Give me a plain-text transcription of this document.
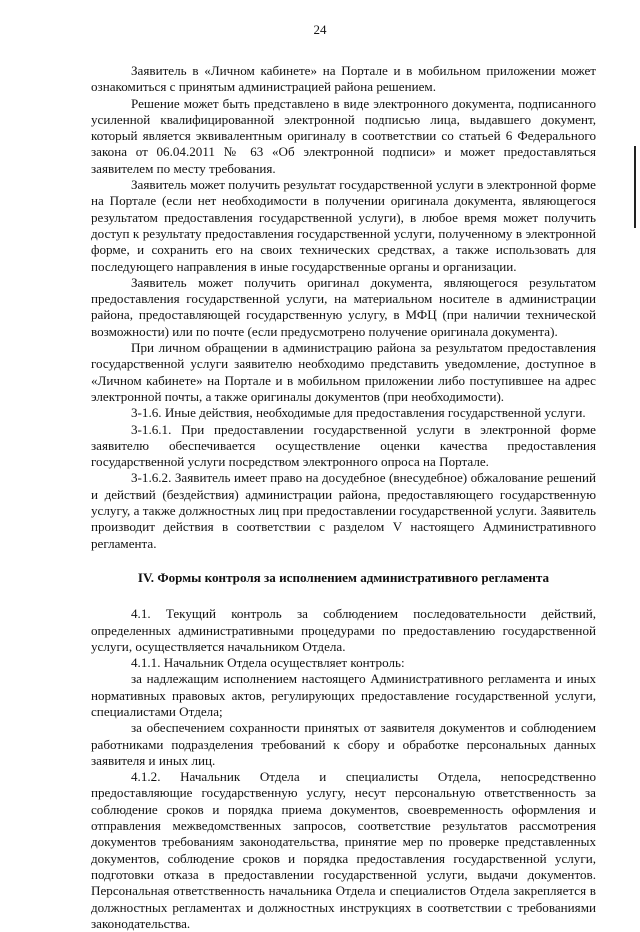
24

Заявитель в «Личном кабинете» на Портале и в мобильном приложении может ознакомиться с принятым администрацией района решением.

Решение может быть представлено в виде электронного документа, подписанного усиленной квалифицированной электронной подписью лица, выдавшего документ, который является эквивалентным оригиналу в соответствии со статьей 6 Федерального закона от 06.04.2011 № 63 «Об электронной подписи» и может предоставляться заявителем по месту требования.

Заявитель может получить результат государственной услуги в электронной форме на Портале (если нет необходимости в получении оригинала документа, являющегося результатом предоставления государственной услуги), в любое время может получить доступ к результату предоставления государственной услуги, полученному в электронной форме, и сохранить его на своих технических средствах, а также использовать для последующего направления в иные государственные органы и организации.

Заявитель может получить оригинал документа, являющегося результатом предоставления государственной услуги, на материальном носителе в администрации района, предоставляющей государственную услугу, в МФЦ (при наличии технической возможности) или по почте (если предусмотрено получение оригинала документа).

При личном обращении в администрацию района за результатом предоставления государственной услуги заявителю необходимо представить уведомление, доступное в «Личном кабинете» на Портале и в мобильном приложении либо поступившее на адрес электронной почты, а также оригиналы документов (при необходимости).

3-1.6. Иные действия, необходимые для предоставления государственной услуги.

3-1.6.1. При предоставлении государственной услуги в электронной форме заявителю обеспечивается осуществление оценки качества предоставления государственной услуги посредством электронного опроса на Портале.

3-1.6.2. Заявитель имеет право на досудебное (внесудебное) обжалование решений и действий (бездействия) администрации района, предоставляющего государственную услугу, а также должностных лиц при предоставлении государственной услуги. Заявитель производит действия в соответствии с разделом V настоящего Административного регламента.

IV. Формы контроля за исполнением административного регламента

4.1. Текущий контроль за соблюдением последовательности действий, определенных административными процедурами по предоставлению государственной услуги, осуществляется начальником Отдела.

4.1.1. Начальник Отдела осуществляет контроль:

за надлежащим исполнением настоящего Административного регламента и иных нормативных правовых актов, регулирующих предоставление государственной услуги, специалистами Отдела;

за обеспечением сохранности принятых от заявителя документов и соблюдением работниками подразделения требований к сбору и обработке персональных данных заявителя и иных лиц.

4.1.2. Начальник Отдела и специалисты Отдела, непосредственно предоставляющие государственную услугу, несут персональную ответственность за соблюдение сроков и порядка приема документов, своевременность оформления и отправления межведомственных запросов, соответствие результатов рассмотрения документов требованиям законодательства, принятие мер по проверке представленных документов, соблюдение сроков и порядка предоставления государственной услуги, подготовки отказа в предоставлении государственной услуги, выдачи документов. Персональная ответственность начальника Отдела и специалистов Отдела закрепляется в должностных регламентах и должностных инструкциях в соответствии с требованиями законодательства.
